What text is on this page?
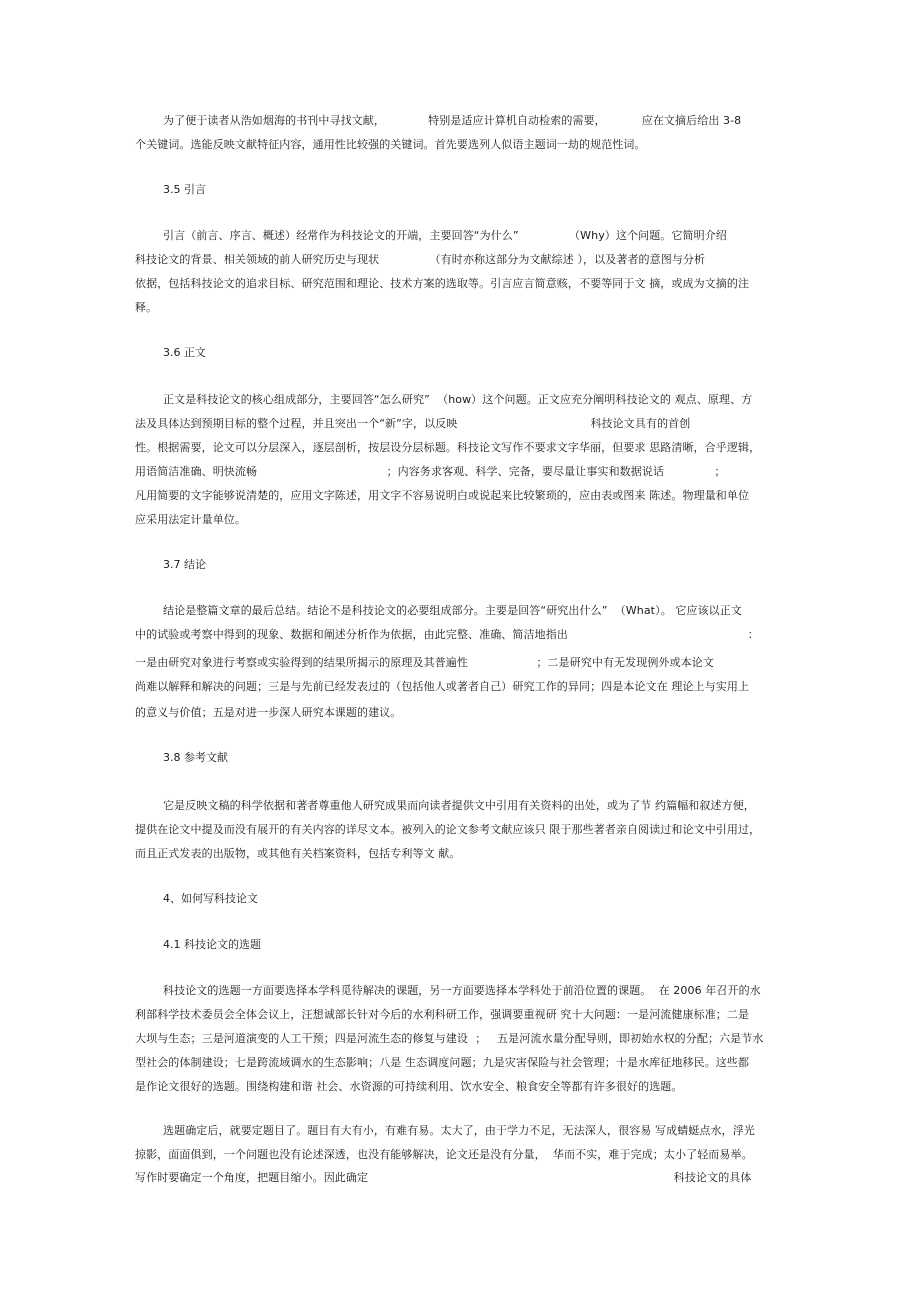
为了便于读者从浩如烟海的书刊中寻找文献，            特别是适应计算机自动检索的需要，          应在文摘后给出 3-8
个关键词。选能反映文献特征内容，通用性比较强的关键词。首先要选列人似语主题词一劫的规范性词。
3.5 引言
引言（前言、序言、概述）经常作为科技论文的开端，主要回答“为什么”              （Why）这个问题。它简明介绍
科技论文的背景、相关领域的前人研究历史与现状              （有时亦称这部分为文献综述 ），以及著者的意图与分析
依据，包括科技论文的追求目标、研究范围和理论、技术方案的选取等。引言应言简意赅，不要等同于文 摘，或成为文摘的注
释。
3.6 正文
正文是科技论文的核心组成部分，主要回答“怎么研究”  （how）这个问题。正文应充分阐明科技论文的 观点、原理、方
法及具体达到预期目标的整个过程，并且突出一个“新”字，以反映                                     科技论文具有的首创
性。根据需要，论文可以分层深入，逐层剖析，按层设分层标题。科技论文写作不要求文字华丽，但要求 思路清晰，合乎逻辑，
用语简洁准确、明快流畅                                    ；内容务求客观、科学、完备，要尽量让事实和数据说话              ；
凡用简要的文字能够说清楚的，应用文字陈述，用文字不容易说明白或说起来比较繁琐的，应由表或图来 陈述。物理量和单位
应采用法定计量单位。
3.7 结论
结论是整篇文章的最后总结。结论不是科技论文的必要组成部分。主要是回答“研究出什么”  （What）。 它应该以正文
中的试验或考察中得到的现象、数据和阐述分析作为依据，由此完整、准确、简洁地指出                                                  ：
一是由研究对象进行考察或实验得到的结果所揭示的原理及其普遍性                   ；二是研究中有无发现例外或本论文
尚难以解释和解决的问题；三是与先前已经发表过的（包括他人或著者自己）研究工作的异同；四是本论文在 理论上与实用上
的意义与价值；五是对进一步深人研究本课题的建议。
3.8 参考文献
它是反映文稿的科学依据和著者尊重他人研究成果而向读者提供文中引用有关资料的出处，或为了节 约篇幅和叙述方便，
提供在论文中提及而没有展开的有关内容的详尽文本。被列入的论文参考文献应该只 限于那些著者亲自阅读过和论文中引用过，
而且正式发表的出版物，或其他有关档案资料，包括专利等文 献。
4、如何写科技论文
4.1 科技论文的选题
科技论文的选题一方面要选择本学科觅待解决的课题，另一方面要选择本学科处于前沿位置的课题。  在 2006 年召开的水
利部科学技术委员会全体会议上，汪想诚部长针对今后的水利科研工作，强调要重视研 究十大问题：一是河流健康标准；二是
大坝与生态；三是河道演变的人工干预；四是河流生态的修复与建设  ；   五是河流水量分配导则，即初始水权的分配；六是节水
型社会的体制建设；七是跨流域调水的生态影响；八是 生态调度问题；九是灾害保险与社会管理；十是水库征地移民。这些都
是作论文很好的选题。围绕构建和谐 社会、水资源的可持续利用、饮水安全、粮食安全等都有许多很好的选题。
选题确定后，就要定题目了。题目有大有小，有难有易。太大了，由于学力不足，无法深人，很容易 写成蜻蜓点水，浮光
掠影，面面俱到，一个问题也没有论述深透，也没有能够解决，论文还是没有分量，  华而不实，难于完成；太小了轻而易举。
写作时要确定一个角度，把题目缩小。因此确定                                                                                     科技论文的具体
